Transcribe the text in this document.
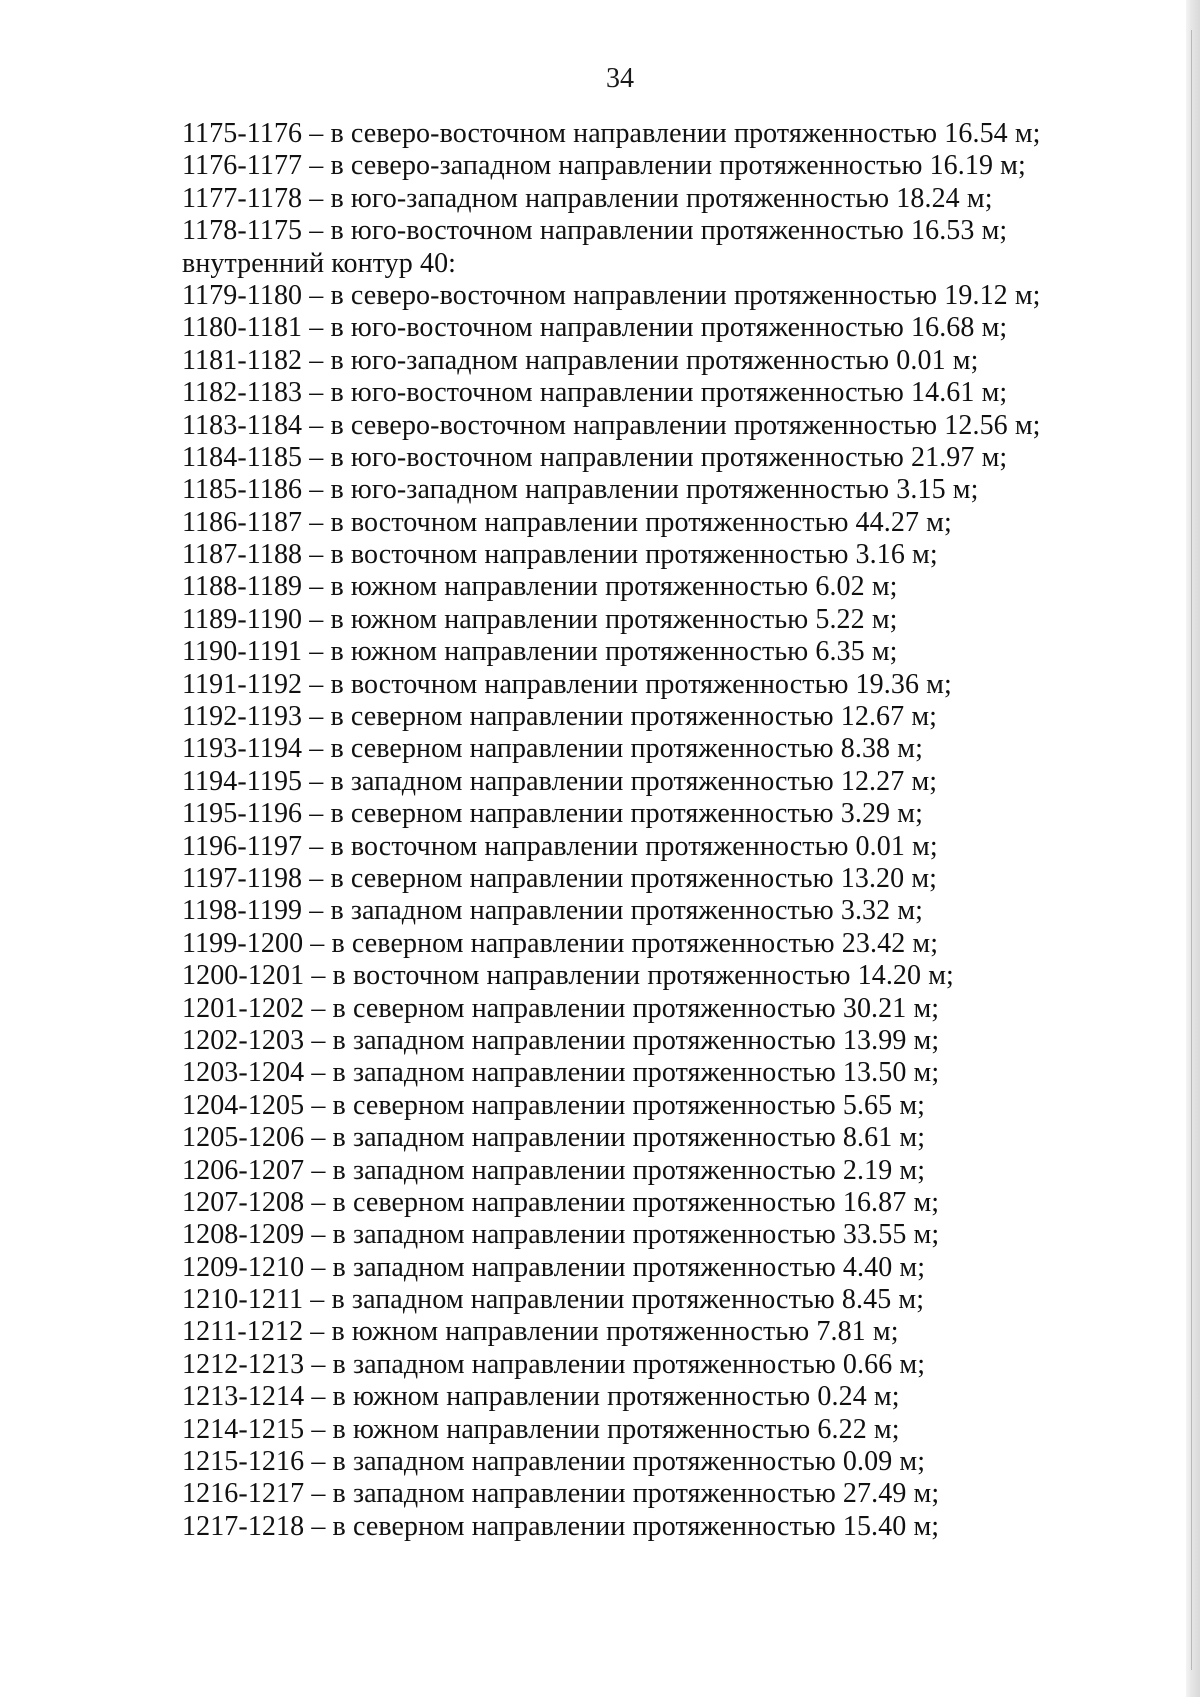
34
1175-1176 – в северо-восточном направлении протяженностью 16.54 м;
1176-1177 – в северо-западном направлении протяженностью 16.19 м;
1177-1178 – в юго-западном направлении протяженностью 18.24 м;
1178-1175 – в юго-восточном направлении протяженностью 16.53 м;
внутренний контур 40:
1179-1180 – в северо-восточном направлении протяженностью 19.12 м;
1180-1181 – в юго-восточном направлении протяженностью 16.68 м;
1181-1182 – в юго-западном направлении протяженностью 0.01 м;
1182-1183 – в юго-восточном направлении протяженностью 14.61 м;
1183-1184 – в северо-восточном направлении протяженностью 12.56 м;
1184-1185 – в юго-восточном направлении протяженностью 21.97 м;
1185-1186 – в юго-западном направлении протяженностью 3.15 м;
1186-1187 – в восточном направлении протяженностью 44.27 м;
1187-1188 – в восточном направлении протяженностью 3.16 м;
1188-1189 – в южном направлении протяженностью 6.02 м;
1189-1190 – в южном направлении протяженностью 5.22 м;
1190-1191 – в южном направлении протяженностью 6.35 м;
1191-1192 – в восточном направлении протяженностью 19.36 м;
1192-1193 – в северном направлении протяженностью 12.67 м;
1193-1194 – в северном направлении протяженностью 8.38 м;
1194-1195 – в западном направлении протяженностью 12.27 м;
1195-1196 – в северном направлении протяженностью 3.29 м;
1196-1197 – в восточном направлении протяженностью 0.01 м;
1197-1198 – в северном направлении протяженностью 13.20 м;
1198-1199 – в западном направлении протяженностью 3.32 м;
1199-1200 – в северном направлении протяженностью 23.42 м;
1200-1201 – в восточном направлении протяженностью 14.20 м;
1201-1202 – в северном направлении протяженностью 30.21 м;
1202-1203 – в западном направлении протяженностью 13.99 м;
1203-1204 – в западном направлении протяженностью 13.50 м;
1204-1205 – в северном направлении протяженностью 5.65 м;
1205-1206 – в западном направлении протяженностью 8.61 м;
1206-1207 – в западном направлении протяженностью 2.19 м;
1207-1208 – в северном направлении протяженностью 16.87 м;
1208-1209 – в западном направлении протяженностью 33.55 м;
1209-1210 – в западном направлении протяженностью 4.40 м;
1210-1211 – в западном направлении протяженностью 8.45 м;
1211-1212 – в южном направлении протяженностью 7.81 м;
1212-1213 – в западном направлении протяженностью 0.66 м;
1213-1214 – в южном направлении протяженностью 0.24 м;
1214-1215 – в южном направлении протяженностью 6.22 м;
1215-1216 – в западном направлении протяженностью 0.09 м;
1216-1217 – в западном направлении протяженностью 27.49 м;
1217-1218 – в северном направлении протяженностью 15.40 м;
